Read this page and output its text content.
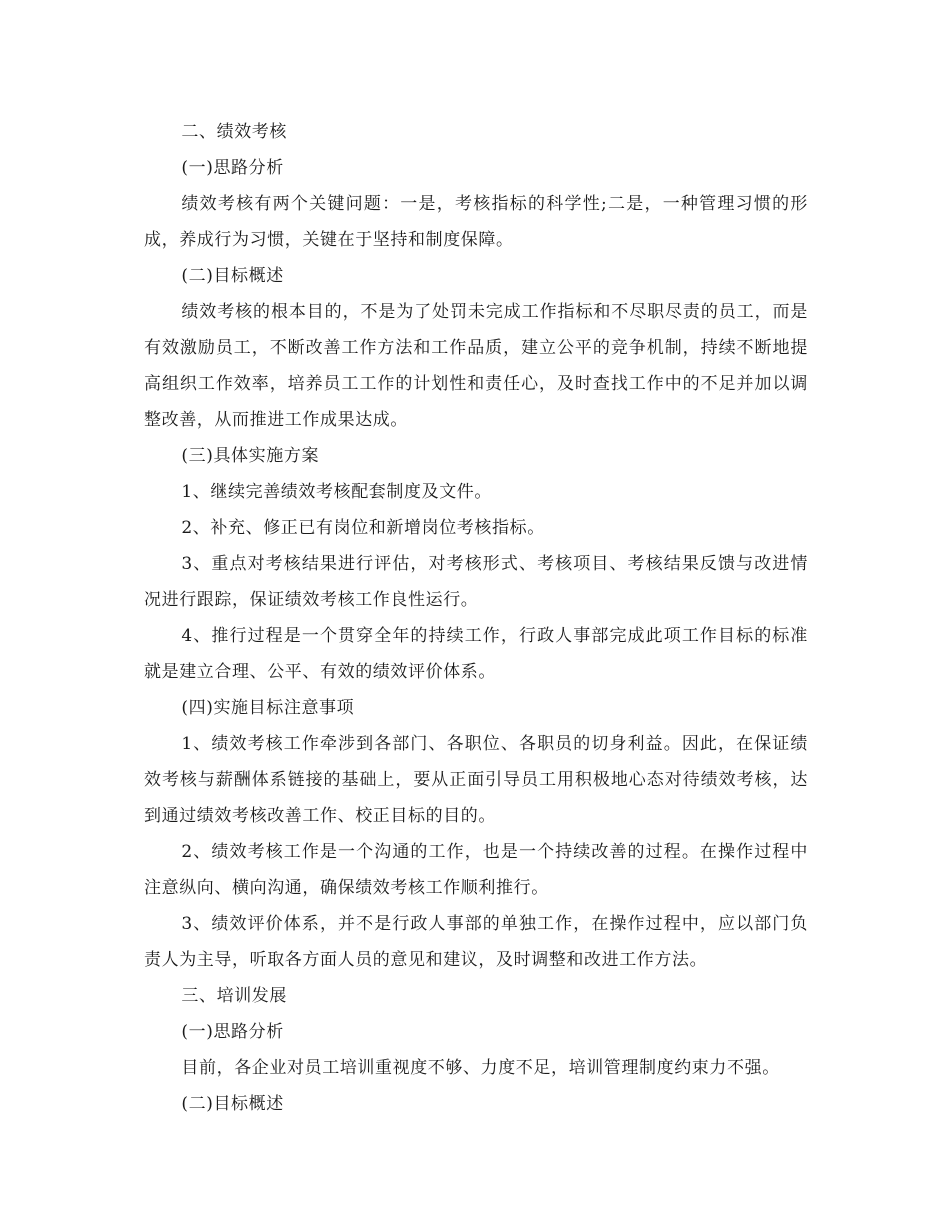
二、绩效考核

(一)思路分析

绩效考核有两个关键问题：一是，考核指标的科学性;二是，一种管理习惯的形成，养成行为习惯，关键在于坚持和制度保障。

(二)目标概述

绩效考核的根本目的，不是为了处罚未完成工作指标和不尽职尽责的员工，而是有效激励员工，不断改善工作方法和工作品质，建立公平的竞争机制，持续不断地提高组织工作效率，培养员工工作的计划性和责任心，及时查找工作中的不足并加以调整改善，从而推进工作成果达成。

(三)具体实施方案

1、继续完善绩效考核配套制度及文件。

2、补充、修正已有岗位和新增岗位考核指标。

3、重点对考核结果进行评估，对考核形式、考核项目、考核结果反馈与改进情况进行跟踪，保证绩效考核工作良性运行。

4、推行过程是一个贯穿全年的持续工作，行政人事部完成此项工作目标的标准就是建立合理、公平、有效的绩效评价体系。

(四)实施目标注意事项

1、绩效考核工作牵涉到各部门、各职位、各职员的切身利益。因此，在保证绩效考核与薪酬体系链接的基础上，要从正面引导员工用积极地心态对待绩效考核，达到通过绩效考核改善工作、校正目标的目的。

2、绩效考核工作是一个沟通的工作，也是一个持续改善的过程。在操作过程中注意纵向、横向沟通，确保绩效考核工作顺利推行。

3、绩效评价体系，并不是行政人事部的单独工作，在操作过程中，应以部门负责人为主导，听取各方面人员的意见和建议，及时调整和改进工作方法。

三、培训发展

(一)思路分析

目前，各企业对员工培训重视度不够、力度不足，培训管理制度约束力不强。

(二)目标概述
